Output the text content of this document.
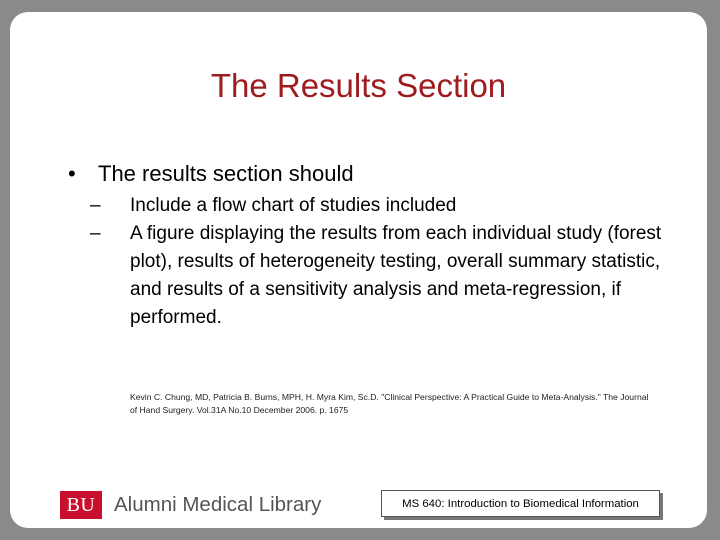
The Results Section
• The results section should
– Include a flow chart of studies included
– A figure displaying the results from each individual study (forest plot), results of heterogeneity testing, overall summary statistic, and results of a sensitivity analysis and meta-regression, if performed.
Kevin C. Chung, MD, Patricia B. Burns, MPH, H. Myra Kim, Sc.D. "Clinical Perspective: A Practical Guide to Meta-Analysis." The Journal of Hand Surgery. Vol.31A No.10 December 2006. p. 1675
BU Alumni Medical Library	MS 640: Introduction to Biomedical Information
